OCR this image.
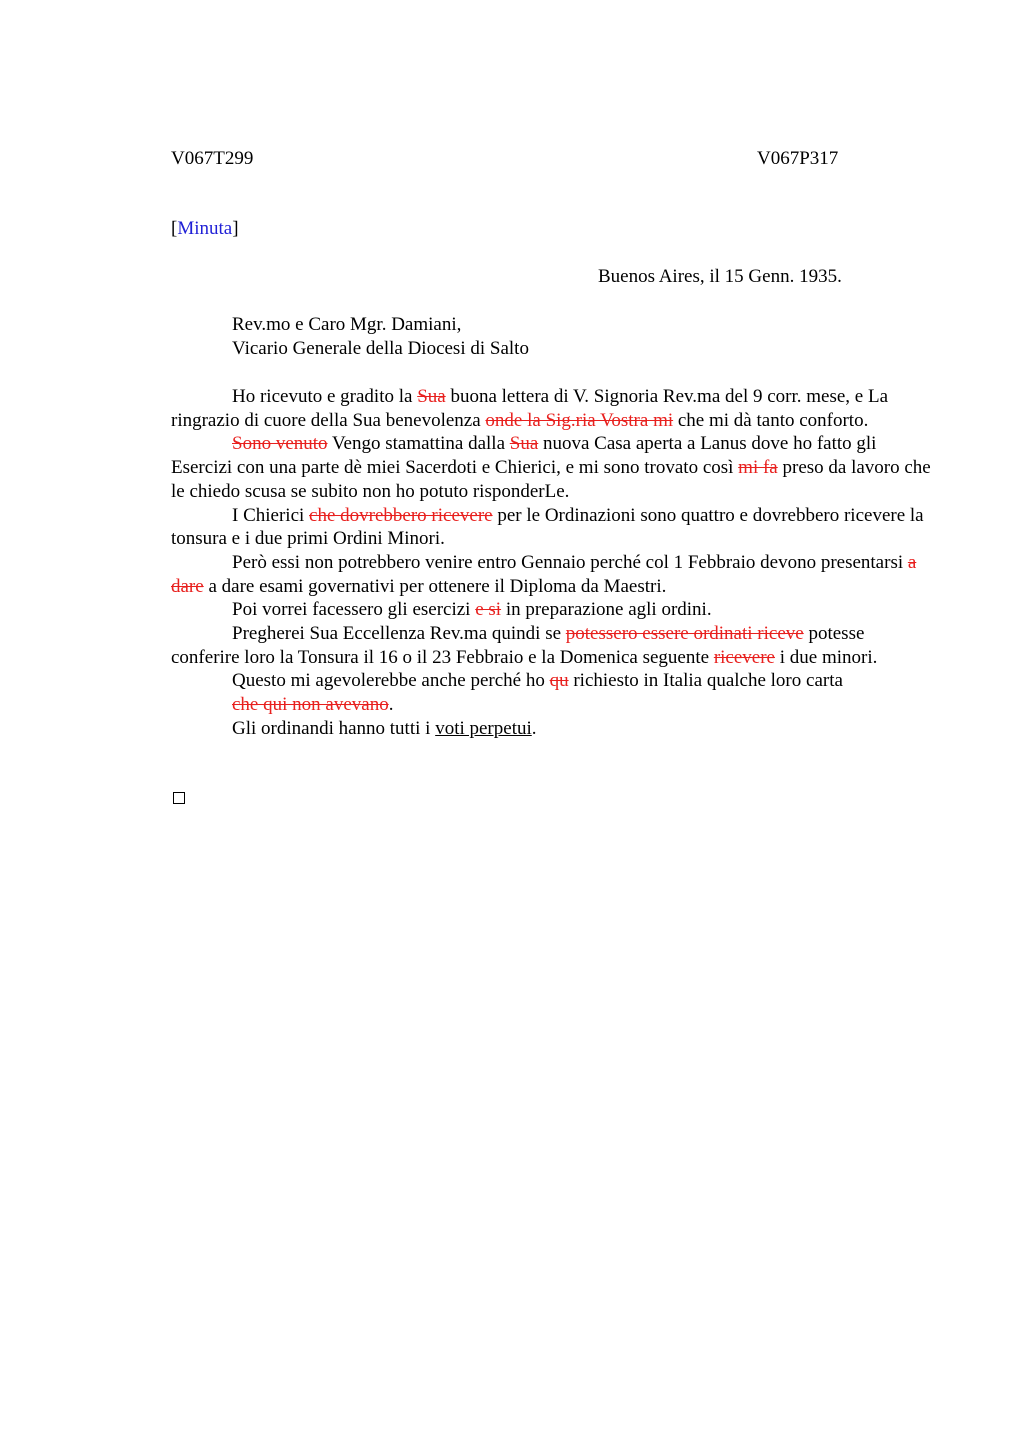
V067T299	V067P317
[Minuta]
Buenos Aires, il 15 Genn. 1935.
Rev.mo e Caro Mgr. Damiani,
Vicario Generale della Diocesi di Salto

Ho ricevuto e gradito la Sua buona lettera di V. Signoria Rev.ma del 9 corr. mese, e La ringrazio di cuore della Sua benevolenza onde la Sig.ria Vostra mi che mi dà tanto conforto.

Sono venuto Vengo stamattina dalla Sua nuova Casa aperta a Lanus dove ho fatto gli Esercizi con una parte dè miei Sacerdoti e Chierici, e mi sono trovato così mi fa preso da lavoro che le chiedo scusa se subito non ho potuto risponderLe.

I Chierici che dovrebbero ricevere per le Ordinazioni sono quattro e dovrebbero ricevere la tonsura e i due primi Ordini Minori.

Però essi non potrebbero venire entro Gennaio perché col 1 Febbraio devono presentarsi a dare a dare esami governativi per ottenere il Diploma da Maestri.

Poi vorrei facessero gli esercizi e si in preparazione agli ordini.

Pregherei Sua Eccellenza Rev.ma quindi se potessero essere ordinati riceve potesse conferire loro la Tonsura il 16 o il 23 Febbraio e la Domenica seguente ricevere i due minori.

Questo mi agevolerebbe anche perché ho qu richiesto in Italia qualche loro carta
che qui non avevano.

Gli ordinandi hanno tutti i voti perpetui.
